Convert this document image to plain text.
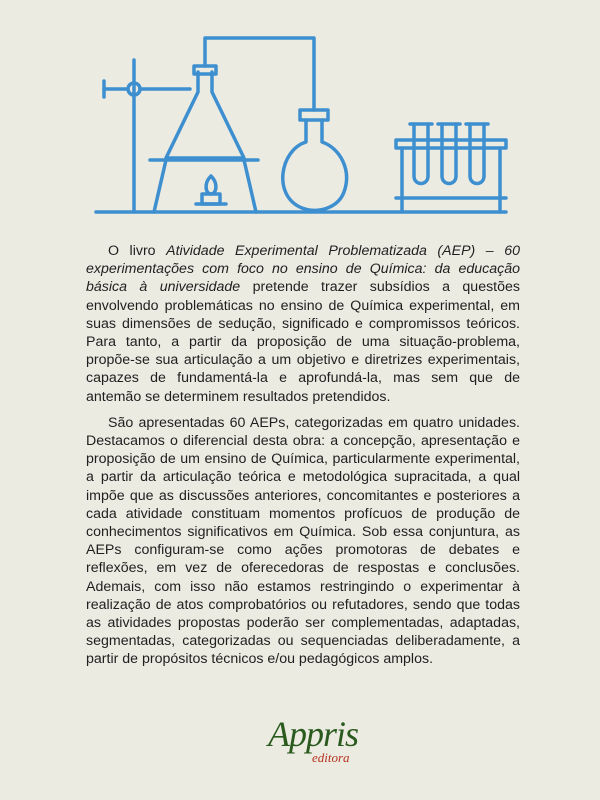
O livro Atividade Experimental Problematizada (AEP) – 60 experimentações com foco no ensino de Química: da educação básica à universidade pretende trazer subsídios a questões envolvendo problemáticas no ensino de Química experimental, em suas dimensões de sedução, significado e compromissos teóricos. Para tanto, a partir da proposição de uma situação-problema, propõe-se sua articulação a um objetivo e diretrizes experimentais, capazes de fundamentá-la e aprofundá-la, mas sem que de antemão se determinem resultados pretendidos.

São apresentadas 60 AEPs, categorizadas em quatro unidades. Destacamos o diferencial desta obra: a concepção, apresentação e proposição de um ensino de Química, particularmente experimental, a partir da articulação teórica e metodológica supracitada, a qual impõe que as discussões anteriores, concomitantes e posteriores a cada atividade constituam momentos profícuos de produção de conhecimentos significativos em Química. Sob essa conjuntura, as AEPs configuram-se como ações promotoras de debates e reflexões, em vez de oferecedoras de respostas e conclusões. Ademais, com isso não estamos restringindo o experimentar à realização de atos comprobatórios ou refutadores, sendo que todas as atividades propostas poderão ser complementadas, adaptadas, segmentadas, categorizadas ou sequenciadas deliberadamente, a partir de propósitos técnicos e/ou pedagógicos amplos.

Appris
editora
